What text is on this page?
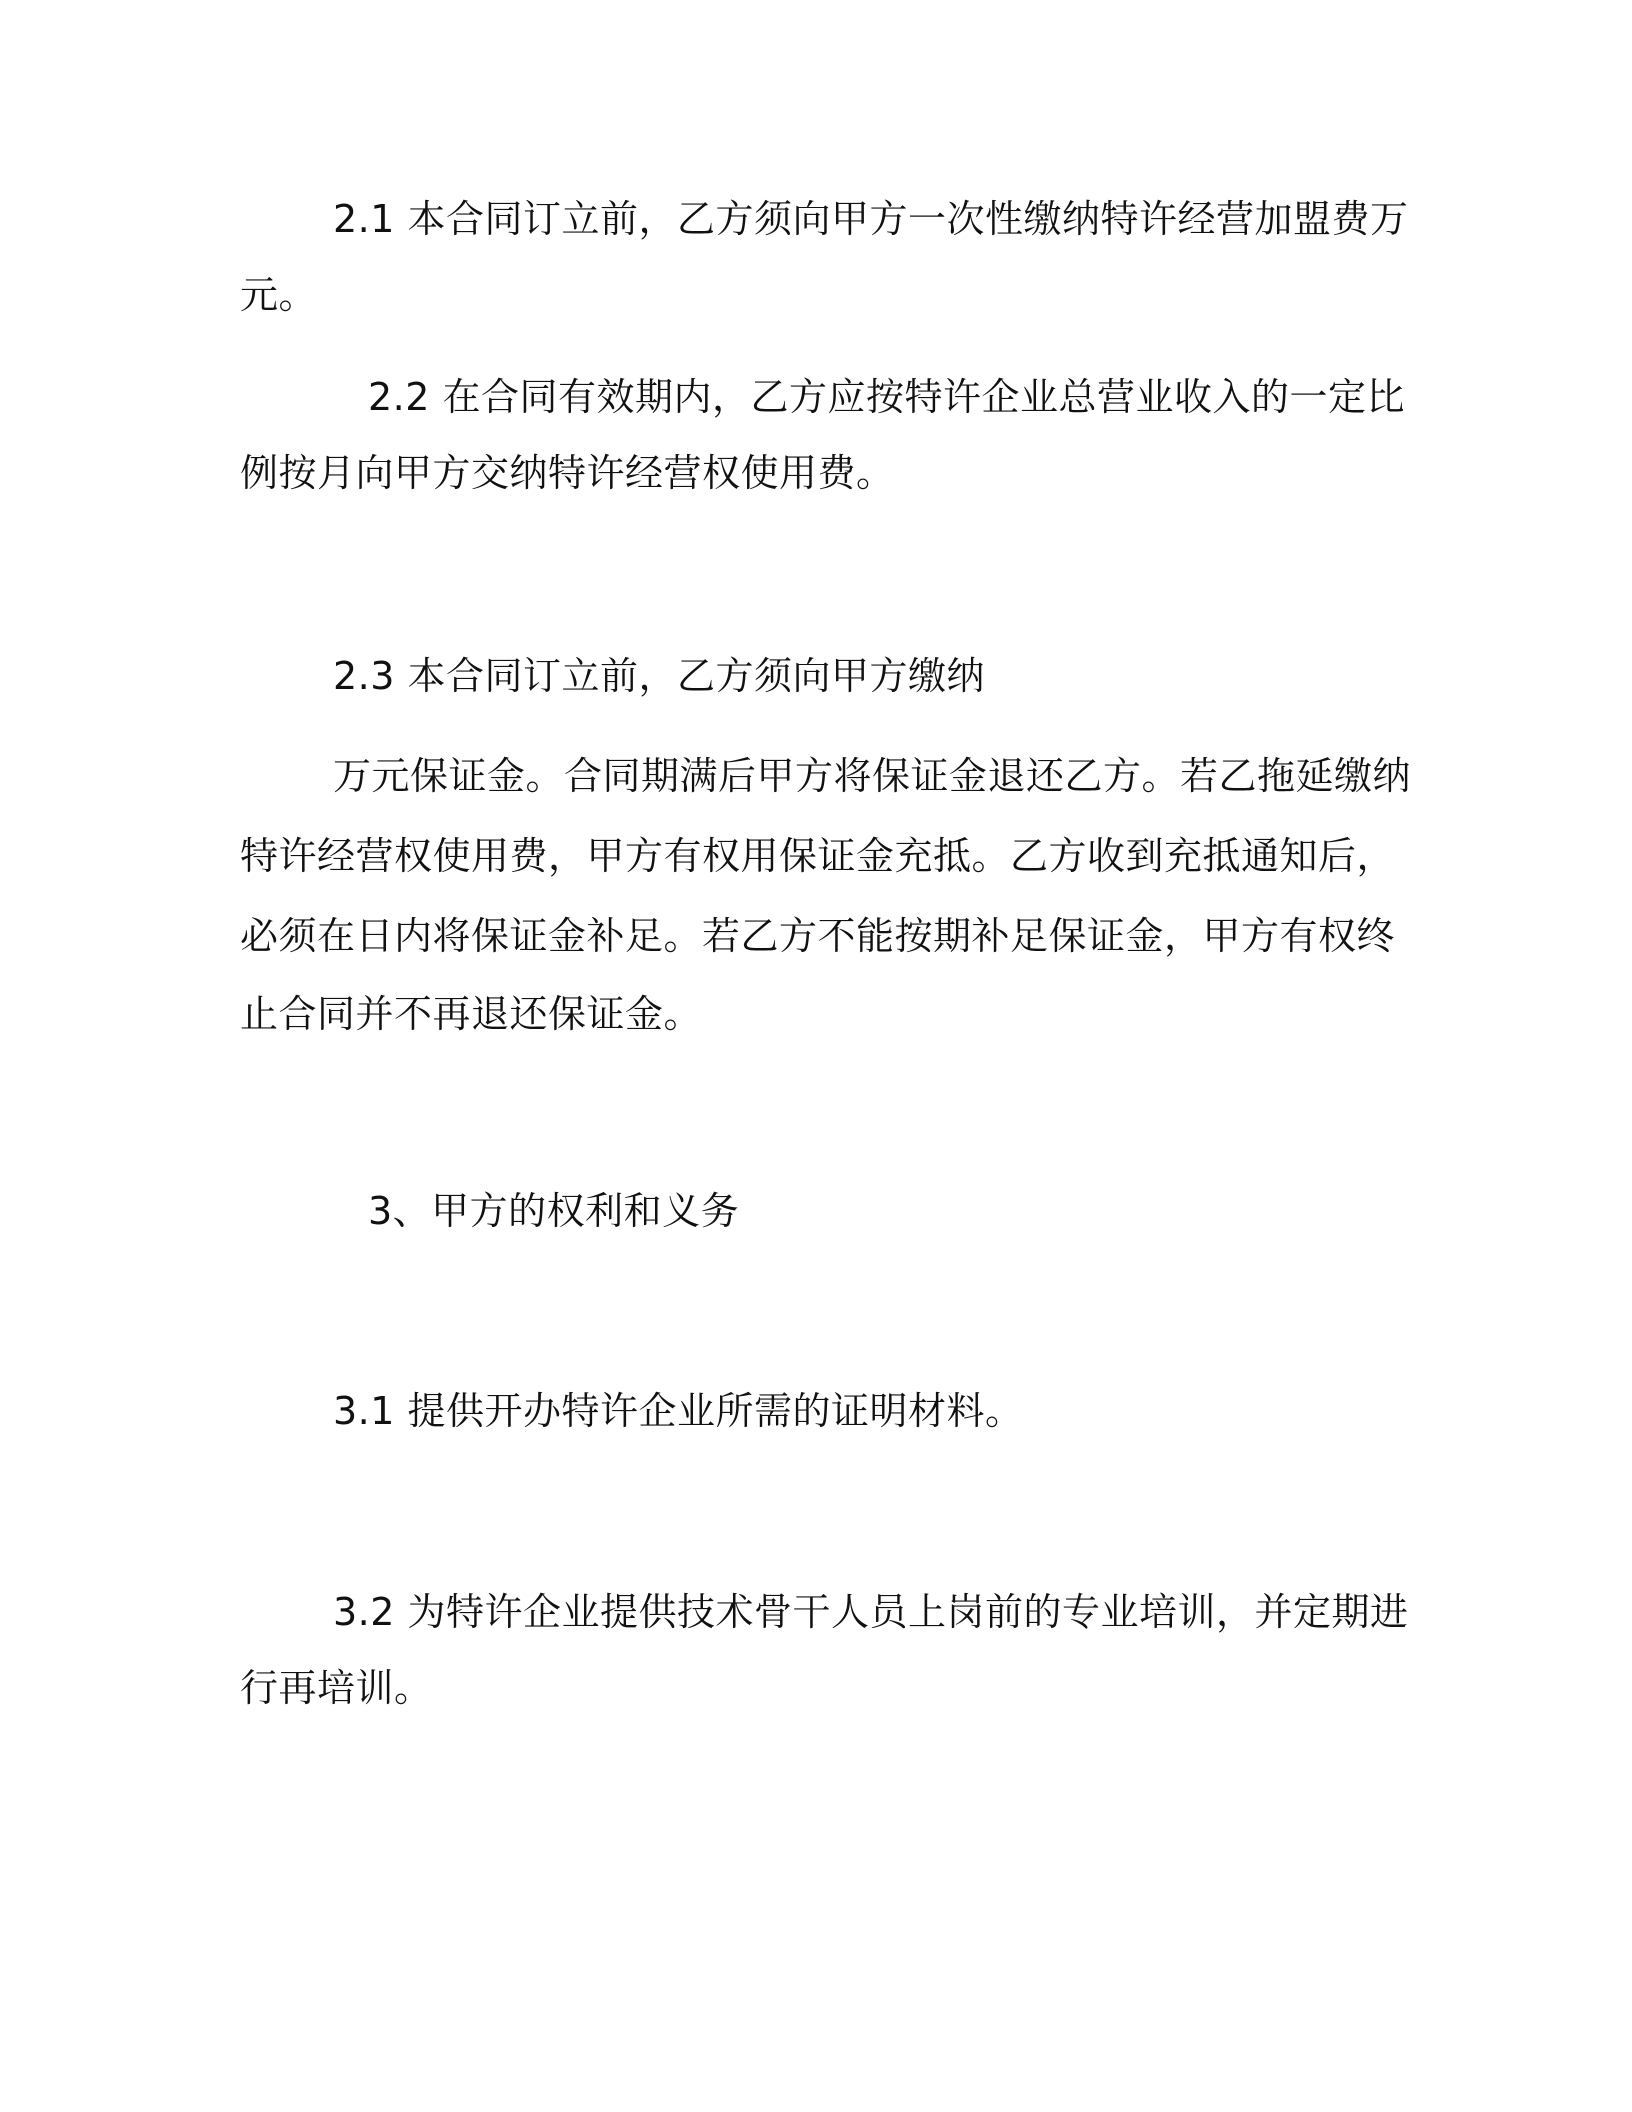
2.1 本合同订立前，乙方须向甲方一次性缴纳特许经营加盟费万
元。
2.2 在合同有效期内，乙方应按特许企业总营业收入的一定比
例按月向甲方交纳特许经营权使用费。
2.3 本合同订立前，乙方须向甲方缴纳
万元保证金。合同期满后甲方将保证金退还乙方。若乙拖延缴纳
特许经营权使用费，甲方有权用保证金充抵。乙方收到充抵通知后，
必须在日内将保证金补足。若乙方不能按期补足保证金，甲方有权终
止合同并不再退还保证金。
3、甲方的权利和义务
3.1 提供开办特许企业所需的证明材料。
3.2 为特许企业提供技术骨干人员上岗前的专业培训，并定期进
行再培训。
